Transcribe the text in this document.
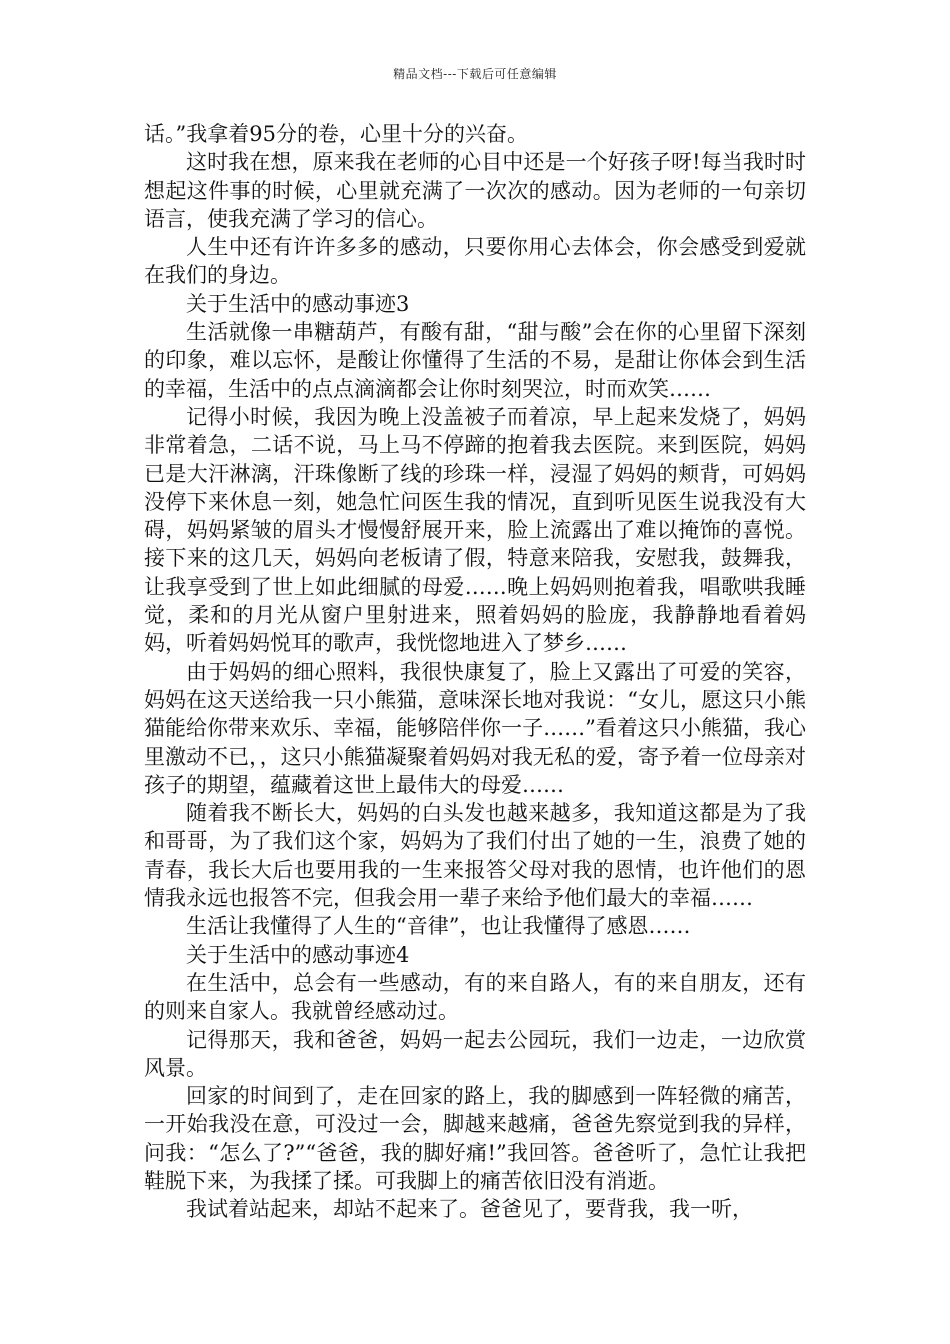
精品文档---下载后可任意编辑

话。”我拿着95分的卷，心里十分的兴奋。

这时我在想，原来我在老师的心目中还是一个好孩子呀!每当我时时想起这件事的时候，心里就充满了一次次的感动。因为老师的一句亲切语言，使我充满了学习的信心。

人生中还有许许多多的感动，只要你用心去体会，你会感受到爱就在我们的身边。

关于生活中的感动事迹3

生活就像一串糖葫芦，有酸有甜，“甜与酸”会在你的心里留下深刻的印象，难以忘怀，是酸让你懂得了生活的不易，是甜让你体会到生活的幸福，生活中的点点滴滴都会让你时刻哭泣，时而欢笑……

记得小时候，我因为晚上没盖被子而着凉，早上起来发烧了，妈妈非常着急，二话不说，马上马不停蹄的抱着我去医院。来到医院，妈妈已是大汗淋漓，汗珠像断了线的珍珠一样，浸湿了妈妈的颊背，可妈妈没停下来休息一刻，她急忙问医生我的情况，直到听见医生说我没有大碍，妈妈紧皱的眉头才慢慢舒展开来，脸上流露出了难以掩饰的喜悦。接下来的这几天，妈妈向老板请了假，特意来陪我，安慰我，鼓舞我，让我享受到了世上如此细腻的母爱……晚上妈妈则抱着我，唱歌哄我睡觉，柔和的月光从窗户里射进来，照着妈妈的脸庞，我静静地看着妈妈，听着妈妈悦耳的歌声，我恍惚地进入了梦乡……

由于妈妈的细心照料，我很快康复了，脸上又露出了可爱的笑容，妈妈在这天送给我一只小熊猫，意味深长地对我说：“女儿，愿这只小熊猫能给你带来欢乐、幸福，能够陪伴你一子……”看着这只小熊猫，我心里激动不已，，这只小熊猫凝聚着妈妈对我无私的爱，寄予着一位母亲对孩子的期望，蕴藏着这世上最伟大的母爱……

随着我不断长大，妈妈的白头发也越来越多，我知道这都是为了我和哥哥，为了我们这个家，妈妈为了我们付出了她的一生，浪费了她的青春，我长大后也要用我的一生来报答父母对我的恩情，也许他们的恩情我永远也报答不完，但我会用一辈子来给予他们最大的幸福……

生活让我懂得了人生的“音律”，也让我懂得了感恩……

关于生活中的感动事迹4

在生活中，总会有一些感动，有的来自路人，有的来自朋友，还有的则来自家人。我就曾经感动过。

记得那天，我和爸爸，妈妈一起去公园玩，我们一边走，一边欣赏风景。

回家的时间到了，走在回家的路上，我的脚感到一阵轻微的痛苦，一开始我没在意，可没过一会，脚越来越痛，爸爸先察觉到我的异样，问我：“怎么了?”“爸爸，我的脚好痛!”我回答。爸爸听了，急忙让我把鞋脱下来，为我揉了揉。可我脚上的痛苦依旧没有消逝。

我试着站起来，却站不起来了。爸爸见了，要背我，我一听，
